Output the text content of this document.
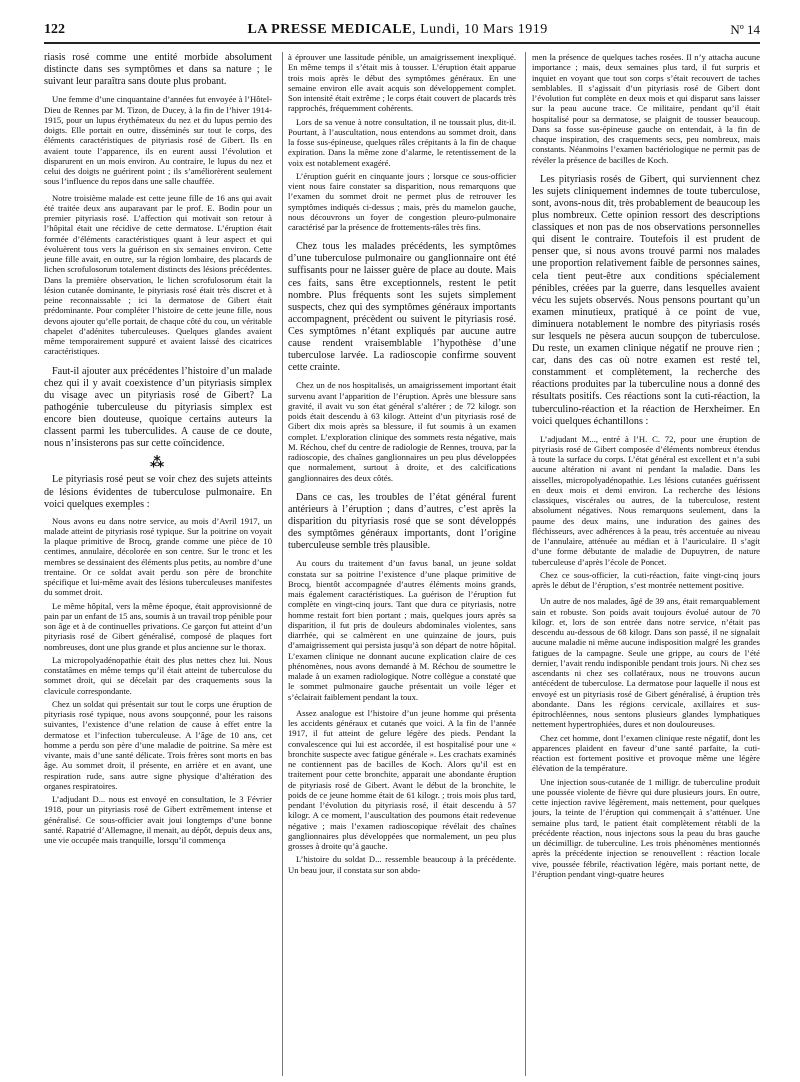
122	LA PRESSE MEDICALE, Lundi, 10 Mars 1919	Nº 14

riasis rosé comme une entité morbide absolument distincte dans ses symptômes et dans sa nature ; le suivant leur paraîtra sans doute plus probant.

Une femme d’une cinquantaine d’années fut envoyée à l’Hôtel-Dieu de Rennes par M. Tizon, de Ducey, à la fin de l’hiver 1914-1915, pour un lupus érythémateux du nez et du lupus pernio des doigts. Elle portait en outre, disséminés sur tout le corps, des éléments caractéristiques de pityriasis rosé de Gibert. Ils en avaient toute l’apparence, ils en eurent aussi l’évolution et disparurent en un mois environ. Au contraire, le lupus du nez et celui des doigts ne guérirent point ; ils s’améliorèrent seulement sous l’influence du repos dans une salle chauffée.

Notre troisième malade est cette jeune fille de 16 ans qui avait été traitée deux ans auparavant par le prof. E. Bodin pour un premier pityriasis rosé. L’affection qui motivait son retour à l’hôpital était une récidive de cette dermatose. L’éruption était formée d’éléments caractéristiques quant à leur aspect et qui évoluèrent tous vers la guérison en six semaines environ. Cette jeune fille avait, en outre, sur la région lombaire, des placards de lichen scrofulosorum totalement distincts des lésions précédentes. Dans la première observation, le lichen scrofulosorum était la lésion cutanée dominante, le pityriasis rosé était très discret et à peine reconnaissable ; ici la dermatose de Gibert était prédominante. Pour compléter l’histoire de cette jeune fille, nous devons ajouter qu’elle portait, de chaque côté du cou, un véritable chapelet d’adénites tuberculeuses. Quelques glandes avaient même temporairement suppuré et avaient laissé des cicatrices caractéristiques.

Faut-il ajouter aux précédentes l’histoire d’un malade chez qui il y avait coexistence d’un pityriasis simplex du visage avec un pityriasis rosé de Gibert? La pathogénie tuberculeuse du pityriasis simplex est encore bien douteuse, quoique certains auteurs la classent parmi les tuberculides. A cause de ce doute, nous n’insisterons pas sur cette coïncidence.

⁂

Le pityriasis rosé peut se voir chez des sujets atteints de lésions évidentes de tuberculose pulmonaire. En voici quelques exemples :

Nous avons eu dans notre service, au mois d’Avril 1917, un malade atteint de pityriasis rosé typique. Sur la poitrine on voyait la plaque primitive de Brocq, grande comme une pièce de 10 centimes, annulaire, décolorée en son centre. Sur le tronc et les membres se dessinaient des éléments plus petits, au nombre d’une trentaine. Or ce soldat avait perdu son père de bronchite spécifique et lui-même avait des lésions tuberculeuses manifestes du sommet droit.

Le même hôpital, vers la même époque, était approvisionné de pain par un enfant de 15 ans, soumis à un travail trop pénible pour son âge et à de continuelles privations. Ce garçon fut atteint d’un pityriasis rosé de Gibert généralisé, composé de plaques fort nombreuses, dont une plus grande et plus ancienne sur le thorax.

La micropolyadénopathie était des plus nettes chez lui. Nous constatâmes en même temps qu’il était atteint de tuberculose du sommet droit, qui se décelait par des craquements sous la clavicule correspondante.

Chez un soldat qui présentait sur tout le corps une éruption de pityriasis rosé typique, nous avons soupçonné, pour les raisons suivantes, l’existence d’une relation de cause à effet entre la dermatose et l’infection tuberculeuse. A l’âge de 10 ans, cet homme a perdu son père d’une maladie de poitrine. Sa mère est vivante, mais d’une santé délicate. Trois frères sont morts en bas âge. Au sommet droit, il présente, en arrière et en avant, une respiration rude, sans autre signe physique d’altération des organes respiratoires.

L’adjudant D... nous est envoyé en consultation, le 3 Février 1918, pour un pityriasis rosé de Gibert extrêmement intense et généralisé. Ce sous-officier avait joui longtemps d’une bonne santé. Rapatrié d’Allemagne, il menait, au dépôt, depuis deux ans, une vie occupée mais tranquille, lorsqu’il commença

à éprouver une lassitude pénible, un amaigrissement inexpliqué. En même temps il s’était mis à tousser. L’éruption était apparue trois mois après le début des symptômes généraux. En une semaine environ elle avait acquis son développement complet. Son intensité était extrême ; le corps était couvert de placards très rapprochés, fréquemment cohérents.

Lors de sa venue à notre consultation, il ne toussait plus, dit-il. Pourtant, à l’auscultation, nous entendons au sommet droit, dans la fosse sus-épineuse, quelques râles crépitants à la fin de chaque expiration. Dans la même zone d’alarme, le retentissement de la voix est notablement exagéré.

L’éruption guérit en cinquante jours ; lorsque ce sous-officier vient nous faire constater sa disparition, nous remarquons que l’examen du sommet droit ne permet plus de retrouver les symptômes indiqués ci-dessus ; mais, près du mamelon gauche, nous découvrons un foyer de congestion pleuro-pulmonaire caractérisé par la présence de frottements-râles très fins.

Chez tous les malades précédents, les symptômes d’une tuberculose pulmonaire ou ganglionnaire ont été suffisants pour ne laisser guère de place au doute. Mais ces faits, sans être exceptionnels, restent le petit nombre. Plus fréquents sont les sujets simplement suspects, chez qui des symptômes généraux importants accompagnent, précèdent ou suivent le pityriasis rosé. Ces symptômes n’étant expliqués par aucune autre cause rendent vraisemblable l’hypothèse d’une tuberculose larvée. La radioscopie confirme souvent cette crainte.

Chez un de nos hospitalisés, un amaigrissement important était survenu avant l’apparition de l’éruption. Après une blessure sans gravité, il avait vu son état général s’altérer ; de 72 kilogr. son poids était descendu à 63 kilogr. Atteint d’un pityriasis rosé de Gibert dix mois après sa blessure, il fut soumis à un examen complet. L’exploration clinique des sommets resta négative, mais M. Réchou, chef du centre de radiologie de Rennes, trouva, par la radioscopie, des chaînes ganglionnaires un peu plus développées que normalement, surtout à droite, et des calcifications ganglionnaires des deux côtés.

Dans ce cas, les troubles de l’état général furent antérieurs à l’éruption ; dans d’autres, c’est après la disparition du pityriasis rosé que se sont développés des symptômes généraux importants, dont l’origine tuberculeuse semble très plausible.

Au cours du traitement d’un favus banal, un jeune soldat constata sur sa poitrine l’existence d’une plaque primitive de Brocq, bientôt accompagnée d’autres éléments moins grands, mais également caractéristiques. La guérison de l’éruption fut complète en vingt-cinq jours. Tant que dura ce pityriasis, notre homme restait fort bien portant ; mais, quelques jours après sa disparition, il fut pris de douleurs abdominales violentes, sans diarrhée, qui se calmèrent en une quinzaine de jours, puis d’amaigrissement qui persista jusqu’à son départ de notre hôpital. L’examen clinique ne donnant aucune explication claire de ces phénomènes, nous avons demandé à M. Réchou de soumettre le malade à un examen radiologique. Notre collègue a constaté que le sommet pulmonaire gauche présentait un voile léger et s’éclairait faiblement pendant la toux.

Assez analogue est l’histoire d’un jeune homme qui présenta les accidents généraux et cutanés que voici. A la fin de l’année 1917, il fut atteint de gelure légère des pieds. Pendant la convalescence qui lui est accordée, il est hospitalisé pour une « bronchite suspecte avec fatigue générale ». Les crachats examinés ne contiennent pas de bacilles de Koch. Alors qu’il est en traitement pour cette bronchite, apparait une abondante éruption de pityriasis rosé de Gibert. Avant le début de la bronchite, le poids de ce jeune homme était de 61 kilogr. ; trois mois plus tard, pendant l’évolution du pityriasis rosé, il était descendu à 57 kilogr. A ce moment, l’auscultation des poumons était redevenue négative ; mais l’examen radioscopique révélait des chaînes ganglionnaires plus développées que normalement, un peu plus grosses à droite qu’à gauche.

L’histoire du soldat D... ressemble beaucoup à la précédente. Un beau jour, il constata sur son abdo-

men la présence de quelques taches rosées. Il n’y attacha aucune importance ; mais, deux semaines plus tard, il fut surpris et inquiet en voyant que tout son corps s’était recouvert de taches semblables. Il s’agissait d’un pityriasis rosé de Gibert dont l’évolution fut complète en deux mois et qui disparut sans laisser sur la peau aucune trace. Ce militaire, pendant qu’il était hospitalisé pour sa dermatose, se plaignit de tousser beaucoup. Dans sa fosse sus-épineuse gauche on entendait, à la fin de chaque inspiration, des craquements secs, peu nombreux, mais constants. Néanmoins l’examen bactériologique ne permit pas de révéler la présence de bacilles de Koch.

Les pityriasis rosés de Gibert, qui surviennent chez les sujets cliniquement indemnes de toute tuberculose, sont, avons-nous dit, très probablement de beaucoup les plus nombreux. Cette opinion ressort des descriptions classiques et non pas de nos observations personnelles qui disent le contraire. Toutefois il est prudent de penser que, si nous avons trouvé parmi nos malades une proportion relativement faible de personnes saines, cela tient peut-être aux conditions spécialement pénibles, créées par la guerre, dans lesquelles avaient vécu les sujets observés. Nous pensons pourtant qu’un examen minutieux, pratiqué à ce point de vue, diminuera notablement le nombre des pityriasis rosés sur lesquels ne pèsera aucun soupçon de tuberculose. Du reste, un examen clinique négatif ne prouve rien ; car, dans des cas où notre examen est resté tel, constamment et complètement, la recherche des réactions produites par la tuberculine nous a donné des résultats positifs. Ces réactions sont la cuti-réaction, la tuberculino-réaction et la réaction de Herxheimer. En voici quelques échantillons :

L’adjudant M..., entré à l’H. C. 72, pour une éruption de pityriasis rosé de Gibert composée d’éléments nombreux étendus à toute la surface du corps. L’état général est excellent et n’a subi aucune altération ni avant ni pendant la maladie. Dans les aisselles, micropolyadénopathie. Les lésions cutanées guérissent en deux mois et demi environ. La recherche des lésions classiques, viscérales ou autres, de la tuberculose, restent absolument négatives. Nous remarquons seulement, dans la paume des deux mains, une induration des gaines des fléchisseurs, avec adhérences à la peau, très accentuée au niveau de l’annulaire, atténuée au médian et à l’auriculaire. Il s’agit d’une forme débutante de maladie de Dupuytren, de nature tuberculeuse d’après l’école de Poncet.

Chez ce sous-officier, la cuti-réaction, faite vingt-cinq jours après le début de l’éruption, s’est montrée nettement positive.

Un autre de nos malades, âgé de 39 ans, était remarquablement sain et robuste. Son poids avait toujours évolué autour de 70 kilogr. et, lors de son entrée dans notre service, n’était pas descendu au-dessous de 68 kilogr. Dans son passé, il ne signalait aucune maladie ni même aucune indisposition malgré les grandes fatigues de la campagne. Seule une grippe, au cours de l’été dernier, l’avait rendu indisponible pendant trois jours. Ni chez ses ascendants ni chez ses collatéraux, nous ne trouvons aucun antécédent de tuberculose. La dermatose pour laquelle il nous est envoyé est un pityriasis rosé de Gibert généralisé, à éruption très abondante. Dans les régions cervicale, axillaires et sus-épitrochléennes, nous sentons plusieurs glandes lymphatiques nettement hypertrophiées, dures et non douloureuses.

Chez cet homme, dont l’examen clinique reste négatif, dont les apparences plaident en faveur d’une santé parfaite, la cuti-réaction est fortement positive et provoque même une légère élévation de la température.

Une injection sous-cutanée de 1 milligr. de tuberculine produit une poussée violente de fièvre qui dure plusieurs jours. En outre, cette injection ravive légèrement, mais nettement, pour quelques jours, la teinte de l’éruption qui commençait à s’atténuer. Une semaine plus tard, le patient était complètement rétabli de la précédente réaction, nous injectons sous la peau du bras gauche un décimilligr. de tuberculine. Les trois phénomènes mentionnés après la précédente injection se renouvellent : réaction locale vive, poussée fébrile, réactivation légère, mais portant nette, de l’éruption pendant vingt-quatre heures
